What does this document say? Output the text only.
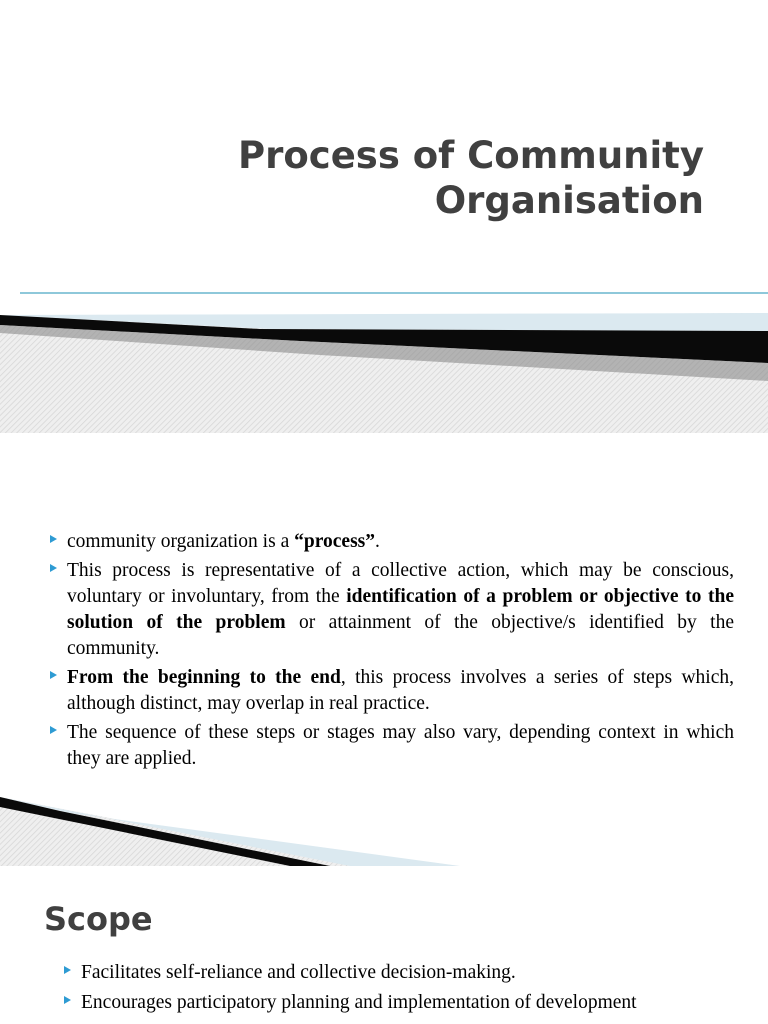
Process of Community
Organisation
community organization is a “process”.
This process is representative of a collective action, which may be conscious, voluntary or involuntary, from the identification of a problem or objective to the solution of the problem or attainment of the objective/s identified by the community.
From the beginning to the end, this process involves a series of steps which, although distinct, may overlap in real practice.
The sequence of these steps or stages may also vary, depending context in which they are applied.
Scope
Facilitates self-reliance and collective decision-making.
Encourages participatory planning and implementation of development
